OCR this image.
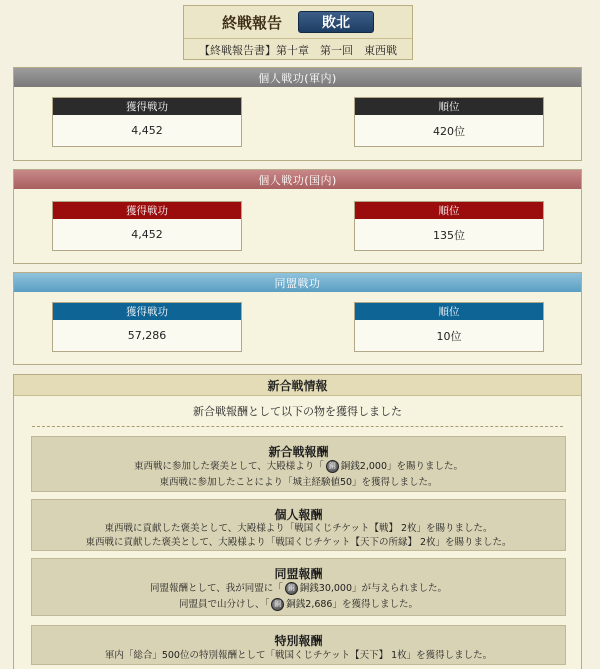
終戦報告	敗北
【終戦報告書】第十章　第一回　東西戦
個人戦功(軍内)
獲得戦功
4,452
順位
420位
個人戦功(国内)
獲得戦功
4,452
順位
135位
同盟戦功
獲得戦功
57,286
順位
10位
新合戦情報
新合戦報酬として以下の物を獲得しました
新合戦報酬
東西戦に参加した褒美として、大殿様より「 銅 銅銭2,000」を賜りました。
東西戦に参加したことにより「城主経験値50」を獲得しました。
個人報酬
東西戦に貢献した褒美として、大殿様より「戦国くじチケット【戦】 2枚」を賜りました。
東西戦に貢献した褒美として、大殿様より「戦国くじチケット【天下の所縁】 2枚」を賜りました。
同盟報酬
同盟報酬として、我が同盟に「 銅 銅銭30,000」が与えられました。
同盟員で山分けし、「 銅 銅銭2,686」を獲得しました。
特別報酬
軍内「総合」500位の特別報酬として「戦国くじチケット【天下】 1枚」を獲得しました。
